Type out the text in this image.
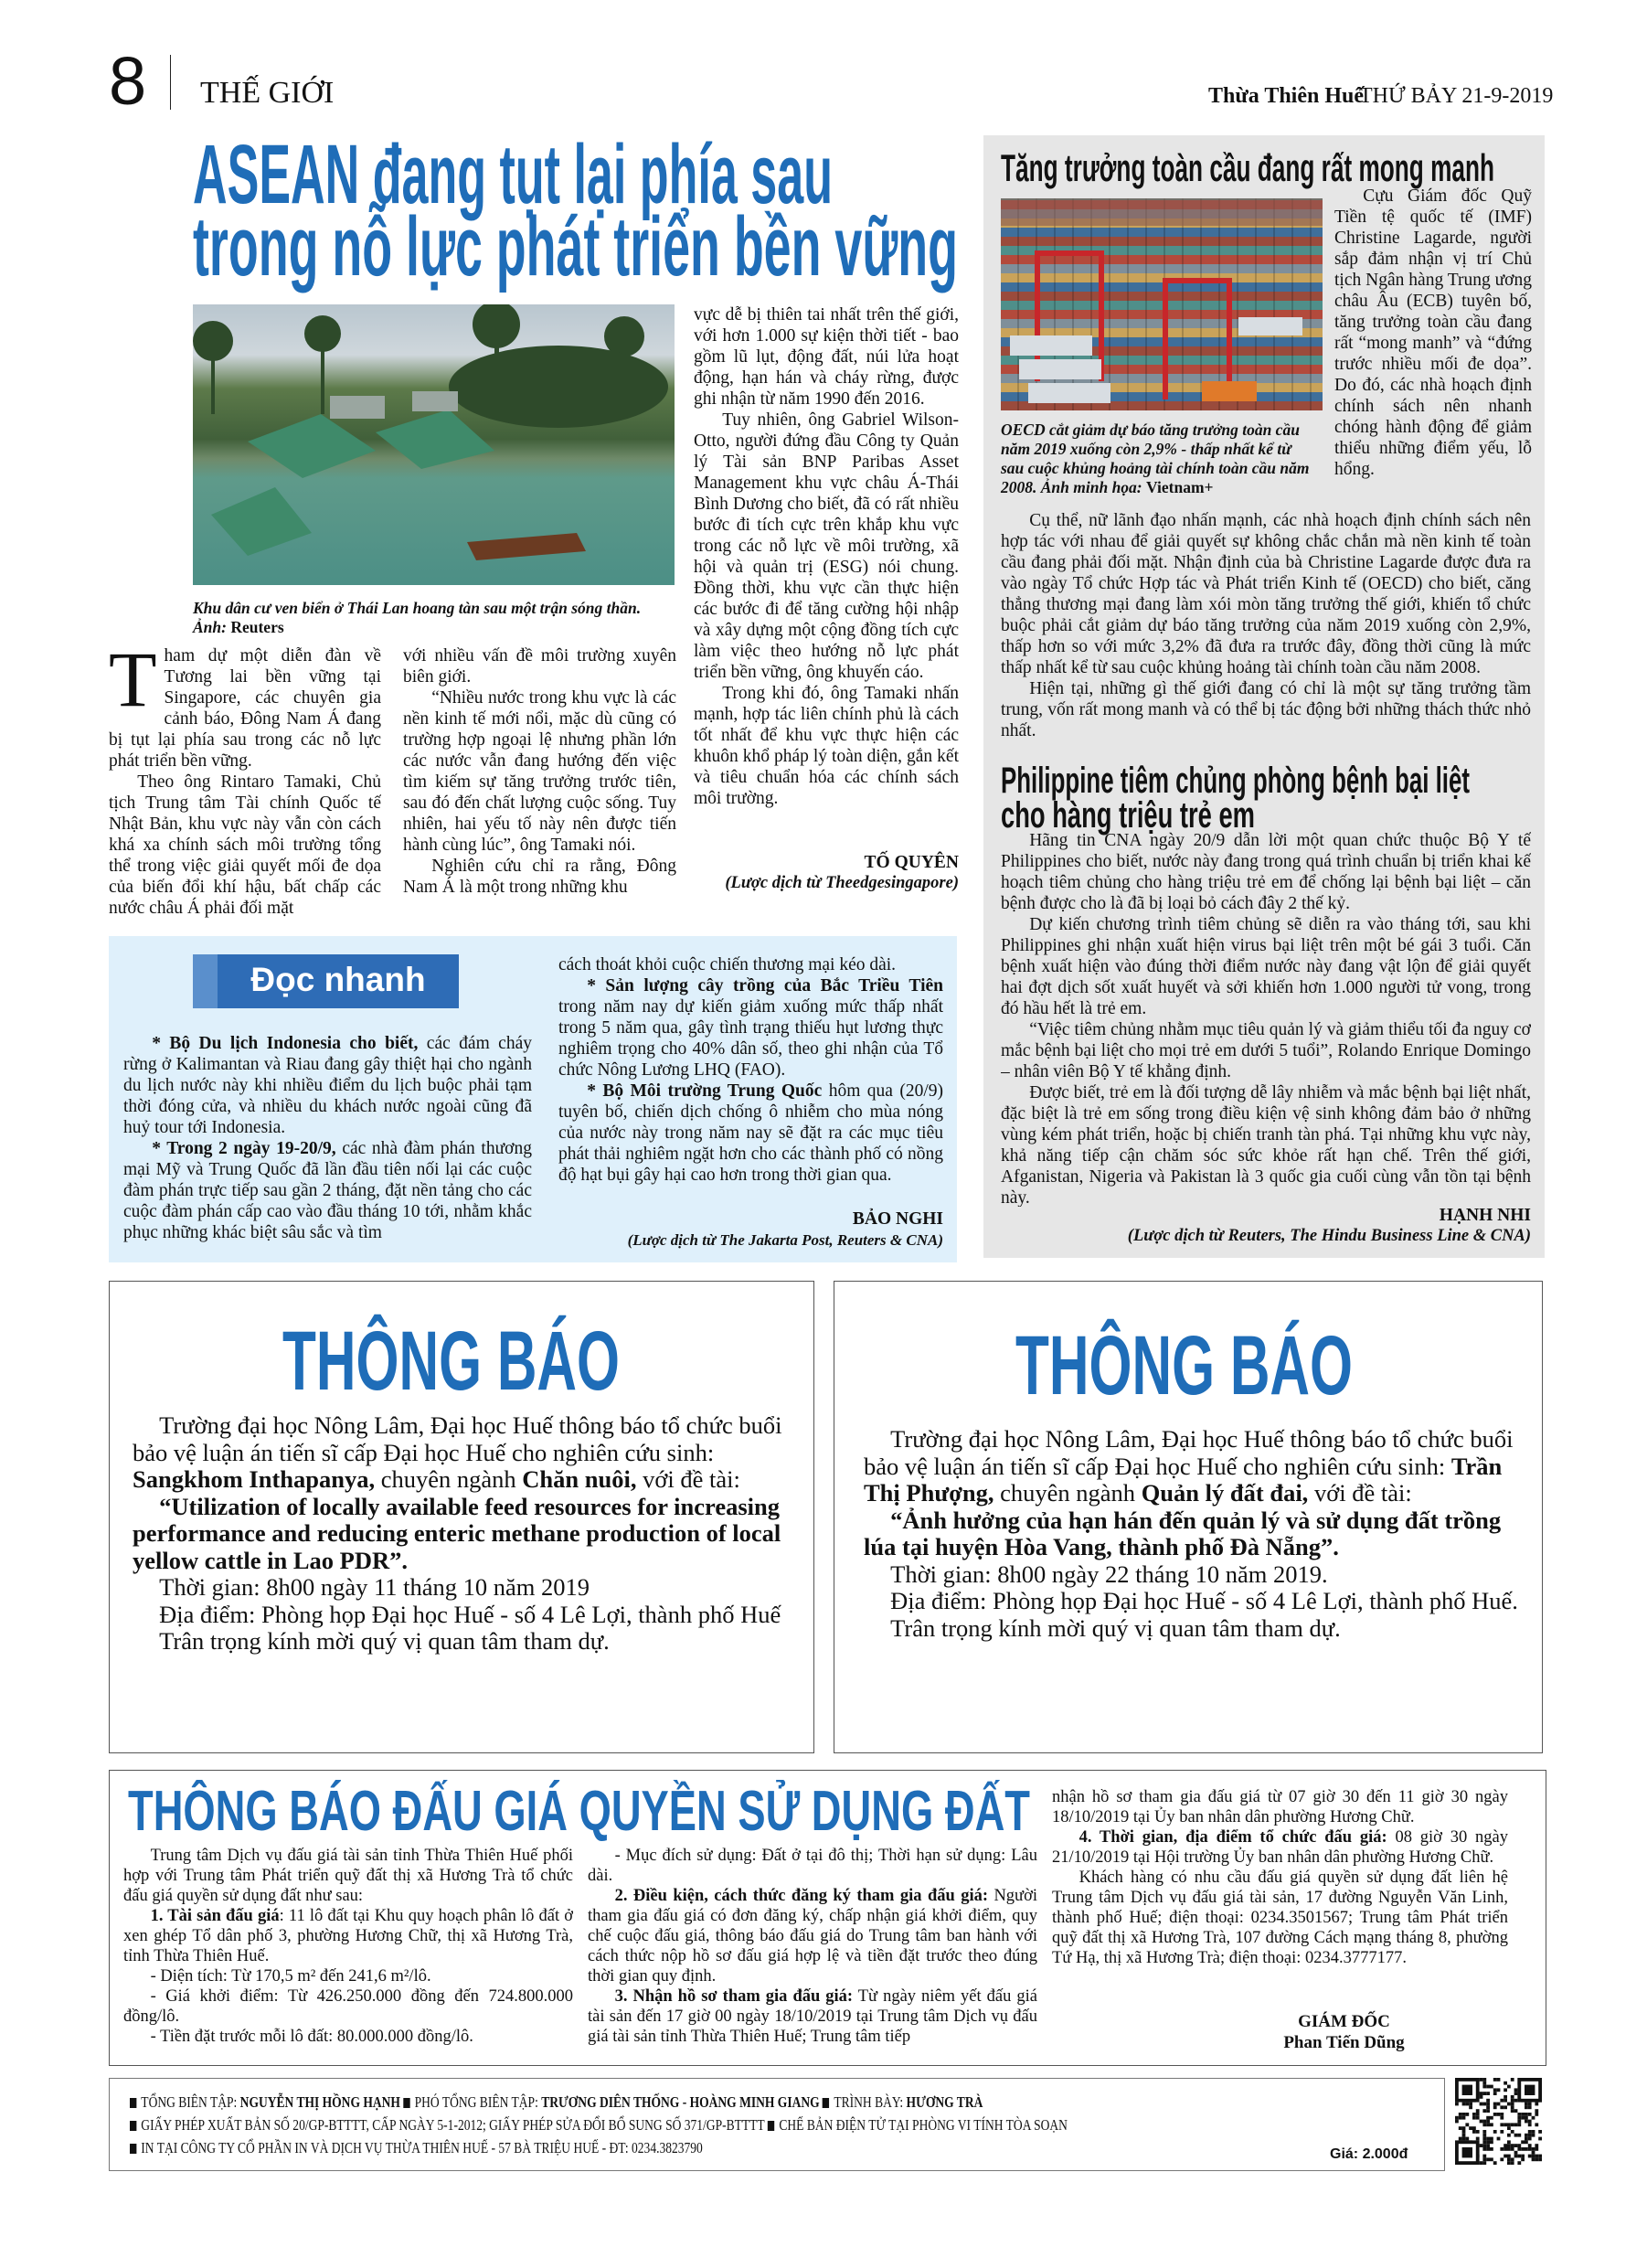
8 THẾ GIỚI	Thừa Thiên Huế
THỨ BẢY 21-9-2019
ASEAN đang tụt lại phía sau
trong nỗ lực phát triển bền vững
Khu dân cư ven biển ở Thái Lan hoang tàn sau một trận sóng thần. Ảnh: Reuters
T ham dự một diễn đàn về Tương lai bền vững tại Singapore, các chuyên gia cảnh báo, Đông Nam Á đang bị tụt lại phía sau trong các nỗ lực phát triển bền vững.

Theo ông Rintaro Tamaki, Chủ tịch Trung tâm Tài chính Quốc tế Nhật Bản, khu vực này vẫn còn cách khá xa chính sách môi trường tổng thể trong việc giải quyết mối đe dọa của biến đổi khí hậu, bất chấp các nước châu Á phải đối mặt

với nhiều vấn đề môi trường xuyên biên giới.

“Nhiều nước trong khu vực là các nền kinh tế mới nổi, mặc dù cũng có trường hợp ngoại lệ nhưng phần lớn các nước vẫn đang hướng đến việc tìm kiếm sự tăng trưởng trước tiên, sau đó đến chất lượng cuộc sống. Tuy nhiên, hai yếu tố này nên được tiến hành cùng lúc”, ông Tamaki nói.

Nghiên cứu chỉ ra rằng, Đông Nam Á là một trong những khu

vực dễ bị thiên tai nhất trên thế giới, với hơn 1.000 sự kiện thời tiết - bao gồm lũ lụt, động đất, núi lửa hoạt động, hạn hán và cháy rừng, được ghi nhận từ năm 1990 đến 2016.

Tuy nhiên, ông Gabriel Wilson-Otto, người đứng đầu Công ty Quản lý Tài sản BNP Paribas Asset Management khu vực châu Á-Thái Bình Dương cho biết, đã có rất nhiều bước đi tích cực trên khắp khu vực trong các nỗ lực về môi trường, xã hội và quản trị (ESG) nói chung. Đồng thời, khu vực cần thực hiện các bước đi để tăng cường hội nhập và xây dựng một cộng đồng tích cực làm việc theo hướng nỗ lực phát triển bền vững, ông khuyến cáo.

Trong khi đó, ông Tamaki nhấn mạnh, hợp tác liên chính phủ là cách tốt nhất để khu vực thực hiện các khuôn khổ pháp lý toàn diện, gắn kết và tiêu chuẩn hóa các chính sách môi trường.

TỐ QUYÊN
(Lược dịch từ Theedgesingapore)
Tăng trưởng toàn cầu đang rất mong manh
OECD cắt giảm dự báo tăng trưởng toàn cầu năm 2019 xuống còn 2,9% - thấp nhất kể từ sau cuộc khủng hoảng tài chính toàn cầu năm 2008. Ảnh minh họa: Vietnam+

Cựu Giám đốc Quỹ Tiền tệ quốc tế (IMF) Christine Lagarde, người sắp đảm nhận vị trí Chủ tịch Ngân hàng Trung ương châu Âu (ECB) tuyên bố, tăng trưởng toàn cầu đang rất “mong manh” và “đứng trước nhiều mối đe dọa”. Do đó, các nhà hoạch định chính sách nên nhanh chóng hành động để giảm thiểu những điểm yếu, lỗ hổng.

Cụ thể, nữ lãnh đạo nhấn mạnh, các nhà hoạch định chính sách nên hợp tác với nhau để giải quyết sự không chắc chắn mà nền kinh tế toàn cầu đang phải đối mặt. Nhận định của bà Christine Lagarde được đưa ra vào ngày Tổ chức Hợp tác và Phát triển Kinh tế (OECD) cho biết, căng thẳng thương mại đang làm xói mòn tăng trưởng thế giới, khiến tổ chức buộc phải cắt giảm dự báo tăng trưởng của năm 2019 xuống còn 2,9%, thấp hơn so với mức 3,2% đã đưa ra trước đây, đồng thời cũng là mức thấp nhất kể từ sau cuộc khủng hoảng tài chính toàn cầu năm 2008.

Hiện tại, những gì thế giới đang có chỉ là một sự tăng trưởng tầm trung, vốn rất mong manh và có thể bị tác động bởi những thách thức nhỏ nhất.

Philippine tiêm chủng phòng bệnh bại liệt
cho hàng triệu trẻ em

Hãng tin CNA ngày 20/9 dẫn lời một quan chức thuộc Bộ Y tế Philippines cho biết, nước này đang trong quá trình chuẩn bị triển khai kế hoạch tiêm chủng cho hàng triệu trẻ em để chống lại bệnh bại liệt – căn bệnh được cho là đã bị loại bỏ cách đây 2 thế kỷ.

Dự kiến chương trình tiêm chủng sẽ diễn ra vào tháng tới, sau khi Philippines ghi nhận xuất hiện virus bại liệt trên một bé gái 3 tuổi. Căn bệnh xuất hiện vào đúng thời điểm nước này đang vật lộn để giải quyết hai đợt dịch sốt xuất huyết và sởi khiến hơn 1.000 người tử vong, trong đó hầu hết là trẻ em.

“Việc tiêm chủng nhằm mục tiêu quản lý và giảm thiểu tối đa nguy cơ mắc bệnh bại liệt cho mọi trẻ em dưới 5 tuổi”, Rolando Enrique Domingo – nhân viên Bộ Y tế khẳng định.

Được biết, trẻ em là đối tượng dễ lây nhiễm và mắc bệnh bại liệt nhất, đặc biệt là trẻ em sống trong điều kiện vệ sinh không đảm bảo ở những vùng kém phát triển, hoặc bị chiến tranh tàn phá. Tại những khu vực này, khả năng tiếp cận chăm sóc sức khỏe rất hạn chế. Trên thế giới, Afganistan, Nigeria và Pakistan là 3 quốc gia cuối cùng vẫn tồn tại bệnh này.

HẠNH NHI
(Lược dịch từ Reuters, The Hindu Business Line & CNA)
Đọc nhanh

* Bộ Du lịch Indonesia cho biết, các đám cháy rừng ở Kalimantan và Riau đang gây thiệt hại cho ngành du lịch nước này khi nhiều điểm du lịch buộc phải tạm thời đóng cửa, và nhiều du khách nước ngoài cũng đã huỷ tour tới Indonesia.

* Trong 2 ngày 19-20/9, các nhà đàm phán thương mại Mỹ và Trung Quốc đã lần đầu tiên nối lại các cuộc đàm phán trực tiếp sau gần 2 tháng, đặt nền tảng cho các cuộc đàm phán cấp cao vào đầu tháng 10 tới, nhằm khắc phục những khác biệt sâu sắc và tìm

cách thoát khỏi cuộc chiến thương mại kéo dài.

* Sản lượng cây trồng của Bắc Triều Tiên trong năm nay dự kiến giảm xuống mức thấp nhất trong 5 năm qua, gây tình trạng thiếu hụt lương thực nghiêm trọng cho 40% dân số, theo ghi nhận của Tổ chức Nông Lương LHQ (FAO).

* Bộ Môi trường Trung Quốc hôm qua (20/9) tuyên bố, chiến dịch chống ô nhiễm cho mùa nóng của nước này trong năm nay sẽ đặt ra các mục tiêu phát thải nghiêm ngặt hơn cho các thành phố có nồng độ hạt bụi gây hại cao hơn trong thời gian qua.

BẢO NGHI
(Lược dịch từ The Jakarta Post, Reuters & CNA)
THÔNG BÁO

Trường đại học Nông Lâm, Đại học Huế thông báo tổ chức buổi bảo vệ luận án tiến sĩ cấp Đại học Huế cho nghiên cứu sinh: Sangkhom Inthapanya, chuyên ngành Chăn nuôi, với đề tài:

“Utilization of locally available feed resources for increasing performance and reducing enteric methane production of local yellow cattle in Lao PDR”.

Thời gian: 8h00 ngày 11 tháng 10 năm 2019

Địa điểm: Phòng họp Đại học Huế - số 4 Lê Lợi, thành phố Huế

Trân trọng kính mời quý vị quan tâm tham dự.

THÔNG BÁO

Trường đại học Nông Lâm, Đại học Huế thông báo tổ chức buổi bảo vệ luận án tiến sĩ cấp Đại học Huế cho nghiên cứu sinh: Trần Thị Phượng, chuyên ngành Quản lý đất đai, với đề tài:

“Ảnh hưởng của hạn hán đến quản lý và sử dụng đất trồng lúa tại huyện Hòa Vang, thành phố Đà Nẵng”.

Thời gian: 8h00 ngày 22 tháng 10 năm 2019.

Địa điểm: Phòng họp Đại học Huế - số 4 Lê Lợi, thành phố Huế.

Trân trọng kính mời quý vị quan tâm tham dự.

THÔNG BÁO ĐẤU GIÁ QUYỀN SỬ DỤNG ĐẤT

Trung tâm Dịch vụ đấu giá tài sản tỉnh Thừa Thiên Huế phối hợp với Trung tâm Phát triển quỹ đất thị xã Hương Trà tổ chức đấu giá quyền sử dụng đất như sau:

1. Tài sản đấu giá: 11 lô đất tại Khu quy hoạch phân lô đất ở xen ghép Tổ dân phố 3, phường Hương Chữ, thị xã Hương Trà, tỉnh Thừa Thiên Huế.

- Diện tích: Từ 170,5 m² đến 241,6 m²/lô.

- Giá khởi điểm: Từ 426.250.000 đồng đến 724.800.000 đồng/lô.

- Tiền đặt trước mỗi lô đất: 80.000.000 đồng/lô.

- Mục đích sử dụng: Đất ở tại đô thị; Thời hạn sử dụng: Lâu dài.

2. Điều kiện, cách thức đăng ký tham gia đấu giá: Người tham gia đấu giá có đơn đăng ký, chấp nhận giá khởi điểm, quy chế cuộc đấu giá, thông báo đấu giá do Trung tâm ban hành với cách thức nộp hồ sơ đấu giá hợp lệ và tiền đặt trước theo đúng thời gian quy định.

3. Nhận hồ sơ tham gia đấu giá: Từ ngày niêm yết đấu giá tài sản đến 17 giờ 00 ngày 18/10/2019 tại Trung tâm Dịch vụ đấu giá tài sản tỉnh Thừa Thiên Huế; Trung tâm tiếp

nhận hồ sơ tham gia đấu giá từ 07 giờ 30 đến 11 giờ 30 ngày 18/10/2019 tại Ủy ban nhân dân phường Hương Chữ.

4. Thời gian, địa điểm tổ chức đấu giá: 08 giờ 30 ngày 21/10/2019 tại Hội trường Ủy ban nhân dân phường Hương Chữ.

Khách hàng có nhu cầu đấu giá quyền sử dụng đất liên hệ Trung tâm Dịch vụ đấu giá tài sản, 17 đường Nguyễn Văn Linh, thành phố Huế; điện thoại: 0234.3501567; Trung tâm Phát triển quỹ đất thị xã Hương Trà, 107 đường Cách mạng tháng 8, phường Tứ Hạ, thị xã Hương Trà; điện thoại: 0234.3777177.

GIÁM ĐỐC
Phan Tiến Dũng
TỔNG BIÊN TẬP: NGUYỄN THỊ HỒNG HẠNH PHÓ TỔNG BIÊN TẬP: TRƯƠNG DIÊN THỐNG - HOÀNG MINH GIANG TRÌNH BÀY: HƯƠNG TRÀ
GIẤY PHÉP XUẤT BẢN SỐ 20/GP-BTTTT, CẤP NGÀY 5-1-2012; GIẤY PHÉP SỬA ĐỔI BỔ SUNG SỐ 371/GP-BTTTT CHẾ BẢN ĐIỆN TỬ TẠI PHÒNG VI TÍNH TÒA SOẠN
IN TẠI CÔNG TY CỔ PHẦN IN VÀ DỊCH VỤ THỪA THIÊN HUẾ - 57 BÀ TRIỆU HUẾ - ĐT: 0234.3823790	Giá: 2.000đ
Trường đại học Nông Lâm, Đại học Huế thông báo tổ chức buổi bảo vệ luận án tiến sĩ cấp Đại học Huế cho nghiên cứu sinh:
